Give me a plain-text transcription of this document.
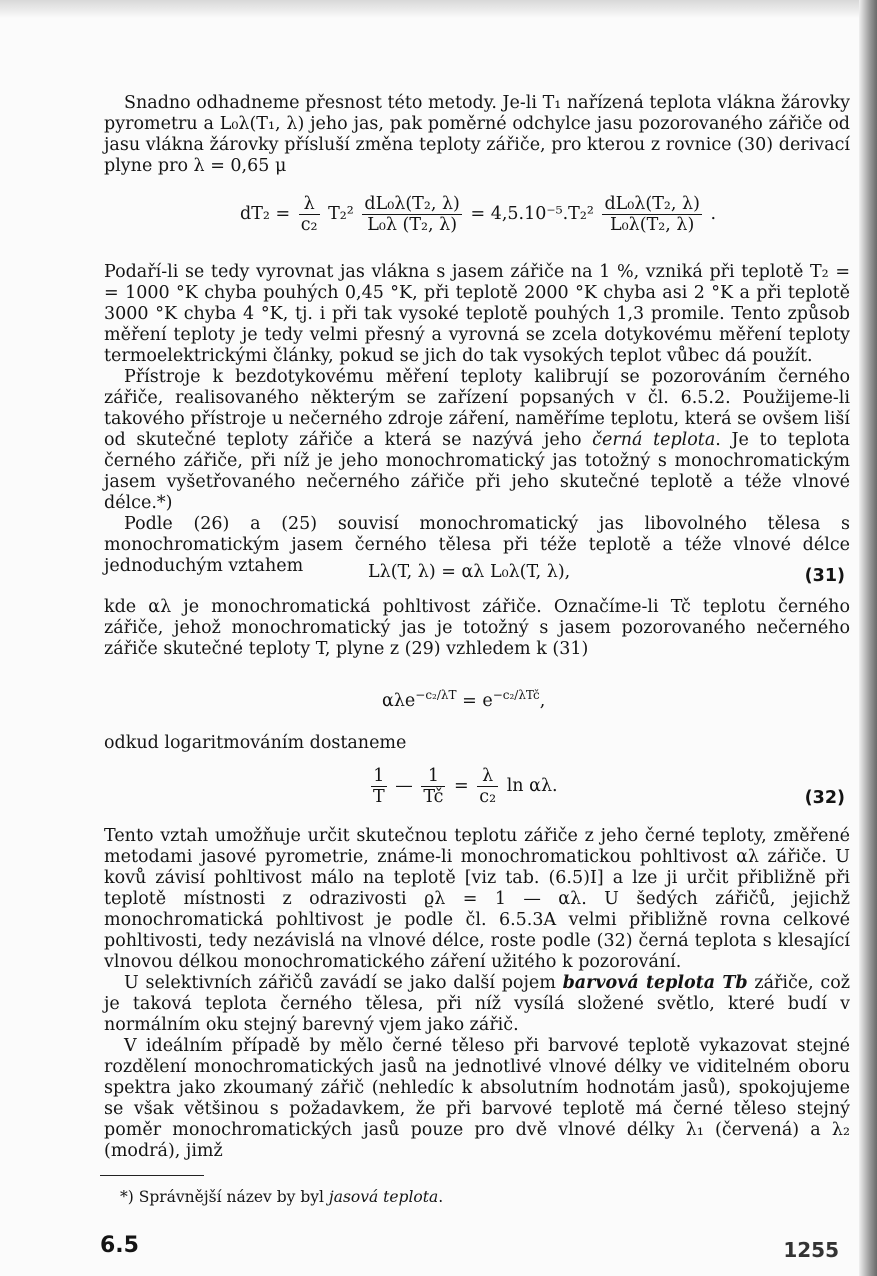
Snadno odhadneme přesnost této metody. Je-li T₁ nařízená teplota vlákna žárovky pyrometru a L₀λ(T₁, λ) jeho jas, pak poměrné odchylce jasu pozorovaného zářiče od jasu vlákna žárovky přísluší změna teploty zářiče, pro kterou z rovnice (30) derivací plyne pro λ = 0,65 μ

$dT_2 = \frac{\lambda}{\text{c₂}} T_2^2 \frac{\text{dL₀λ(T₂, λ)}}{\text{L₀λ (T₂, λ)}} = 4,5.10^{-5}.T_2^2 \frac{\text{dL₀λ(T₂, λ)}}{\text{L₀λ(T₂, λ)}}$ .

Podaří-li se tedy vyrovnat jas vlákna s jasem zářiče na 1 %, vzniká při teplotě T₂ = = 1000 °K chyba pouhých 0,45 °K, při teplotě 2000 °K chyba asi 2 °K a při teplotě 3000 °K chyba 4 °K, tj. i při tak vysoké teplotě pouhých 1,3 promile. Tento způsob měření teploty je tedy velmi přesný a vyrovná se zcela dotykovému měření teploty termoelektrickými články, pokud se jich do tak vysokých teplot vůbec dá použít.

Přístroje k bezdotykovému měření teploty kalibrují se pozorováním černého zářiče, realisovaného některým se zařízení popsaných v čl. 6.5.2. Použijeme-li takového přístroje u nečerného zdroje záření, naměříme teplotu, která se ovšem liší od skutečné teploty zářiče a která se nazývá jeho černá teplota. Je to teplota černého zářiče, při níž je jeho monochromatický jas totožný s monochromatickým jasem vyšetřovaného nečerného zářiče při jeho skutečné teplotě a téže vlnové délce.*)

Podle (26) a (25) souvisí monochromatický jas libovolného tělesa s monochromatickým jasem černého tělesa při téže teplotě a téže vlnové délce jednoduchým vztahem	Lλ(T, λ) = αλ L₀λ(T, λ),	(31)

kde αλ je monochromatická pohltivost zářiče. Označíme-li Tč teplotu černého zářiče, jehož monochromatický jas je totožný s jasem pozorovaného nečerného zářiče skutečné teploty T, plyne z (29) vzhledem k (31)

$\alpha\lambda e^{-c_2/\lambda T} = e^{-c_2/\lambda Tč}$,

odkud logaritmováním dostaneme

$\frac{1}{T}$ — $\frac{1}{Tč} = \frac{\lambda}{\text{c₂}}$ ln αλ.
(32)

Tento vztah umožňuje určit skutečnou teplotu zářiče z jeho černé teploty, změřené metodami jasové pyrometrie, známe-li monochromatickou pohltivost αλ zářiče. U kovů závisí pohltivost málo na teplotě [viz tab. (6.5)I] a lze ji určit přibližně při teplotě místnosti z odrazivosti ϱλ = 1 — αλ. U šedých zářičů, jejichž monochromatická pohltivost je podle čl. 6.5.3A velmi přibližně rovna celkové pohltivosti, tedy nezávislá na vlnové délce, roste podle (32) černá teplota s klesající vlnovou délkou monochromatického záření užitého k pozorování.

U selektivních zářičů zavádí se jako další pojem barvová teplota Tb zářiče, což je taková teplota černého tělesa, při níž vysílá složené světlo, které budí v normálním oku stejný barevný vjem jako zářič.

V ideálním případě by mělo černé těleso při barvové teplotě vykazovat stejné rozdělení monochromatických jasů na jednotlivé vlnové délky ve viditelném oboru spektra jako zkoumaný zářič (nehledíc k absolutním hodnotám jasů), spokojujeme se však většinou s požadavkem, že při barvové teplotě má černé těleso stejný poměr monochromatických jasů pouze pro dvě vlnové délky λ₁ (červená) a λ₂ (modrá), jimž

*) Správnější název by byl jasová teplota.
6.5	1255
